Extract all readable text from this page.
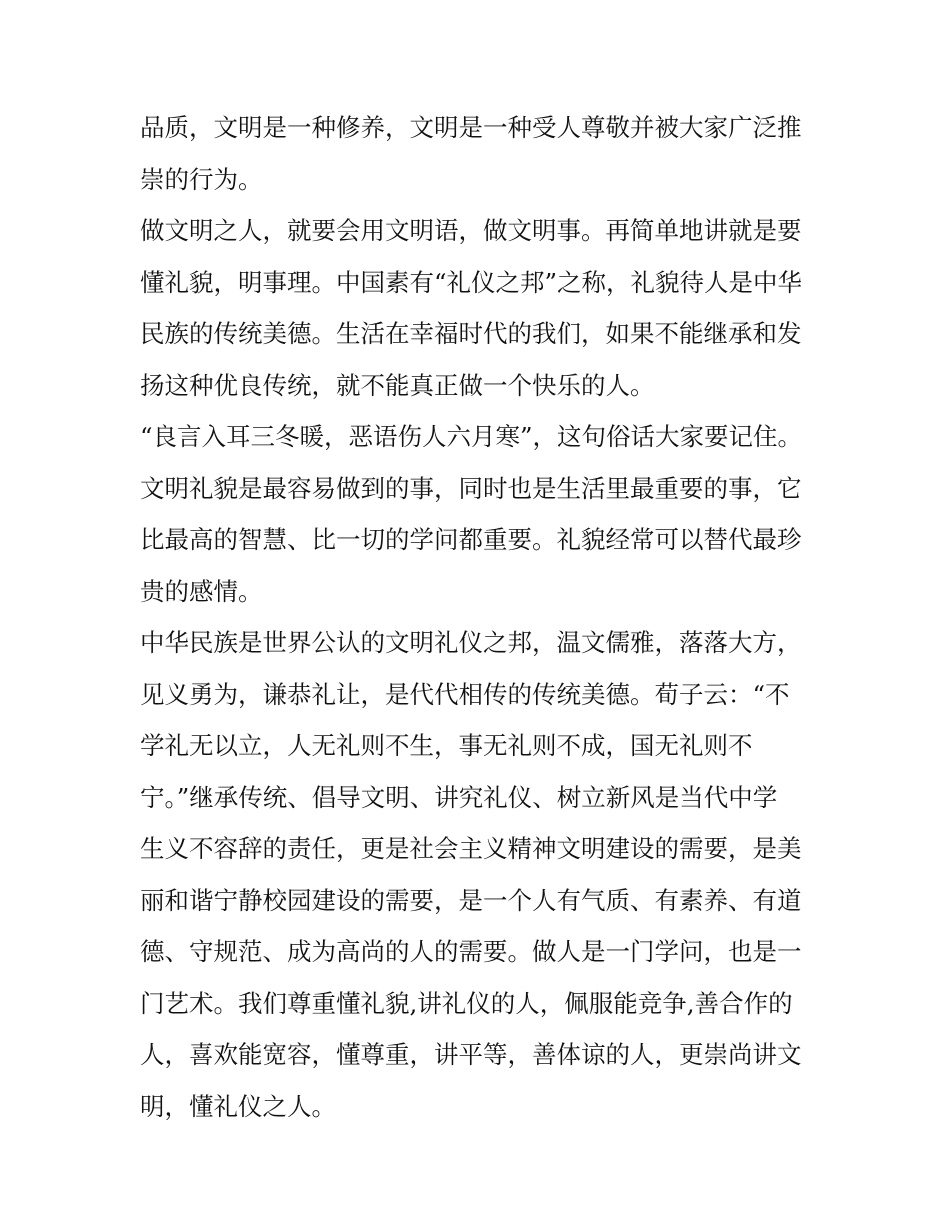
品质，文明是一种修养，文明是一种受人尊敬并被大家广泛推
崇的行为。
做文明之人，就要会用文明语，做文明事。再简单地讲就是要
懂礼貌，明事理。中国素有“礼仪之邦”之称，礼貌待人是中华
民族的传统美德。生活在幸福时代的我们，如果不能继承和发
扬这种优良传统，就不能真正做一个快乐的人。
“良言入耳三冬暖，恶语伤人六月寒”，这句俗话大家要记住。
文明礼貌是最容易做到的事，同时也是生活里最重要的事，它
比最高的智慧、比一切的学问都重要。礼貌经常可以替代最珍
贵的感情。
中华民族是世界公认的文明礼仪之邦，温文儒雅，落落大方，
见义勇为，谦恭礼让，是代代相传的传统美德。荀子云：“不
学礼无以立，人无礼则不生，事无礼则不成，国无礼则不
宁。”继承传统、倡导文明、讲究礼仪、树立新风是当代中学
生义不容辞的责任，更是社会主义精神文明建设的需要，是美
丽和谐宁静校园建设的需要，是一个人有气质、有素养、有道
德、守规范、成为高尚的人的需要。做人是一门学问，也是一
门艺术。我们尊重懂礼貌,讲礼仪的人，佩服能竞争,善合作的
人，喜欢能宽容，懂尊重，讲平等，善体谅的人，更崇尚讲文
明，懂礼仪之人。
